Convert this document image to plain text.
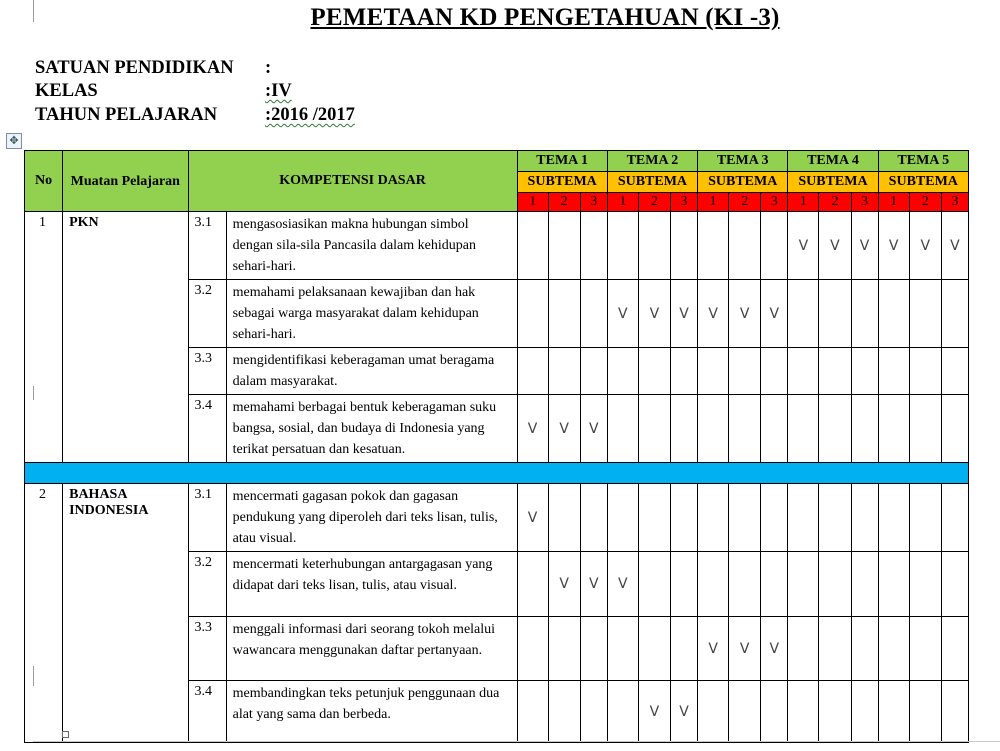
PEMETAAN KD PENGETAHUAN (KI -3)
SATUAN PENDIDIKAN :
KELAS	:IV
TAHUN PELAJARAN	:2016 /2017
✥
No	Muatan Pelajaran	KOMPETENSI DASAR		TEMA 1			TEMA 2			TEMA 3			TEMA 4			TEMA 5		
				SUBTEMA			SUBTEMA			SUBTEMA			SUBTEMA			SUBTEMA		
				1	2	3	1	2	3	1	2	3	1	2	3	1	2	3
1	PKN	3.1	mengasosiasikan makna hubungan simbol dengan sila-sila Pancasila dalam kehidupan sehari-hari.										V	V	V	V	V	V
		3.2	memahami pelaksanaan kewajiban dan hak sebagai warga masyarakat dalam kehidupan sehari-hari.				V	V	V	V	V	V						
		3.3	mengidentifikasi keberagaman umat beragama dalam masyarakat.															
		3.4	memahami berbagai bentuk keberagaman suku bangsa, sosial, dan budaya di Indonesia yang terikat persatuan dan kesatuan.	V	V	V												

2	BAHASA INDONESIA	3.1	mencermati gagasan pokok dan gagasan pendukung yang diperoleh dari teks lisan, tulis, atau visual.	V														
		3.2	mencermati keterhubungan antargagasan yang didapat dari teks lisan, tulis, atau visual.		V	V	V											
		3.3	menggali informasi dari seorang tokoh melalui wawancara menggunakan daftar pertanyaan.							V	V	V						
		3.4	membandingkan teks petunjuk penggunaan dua alat yang sama dan berbeda.					V	V									
